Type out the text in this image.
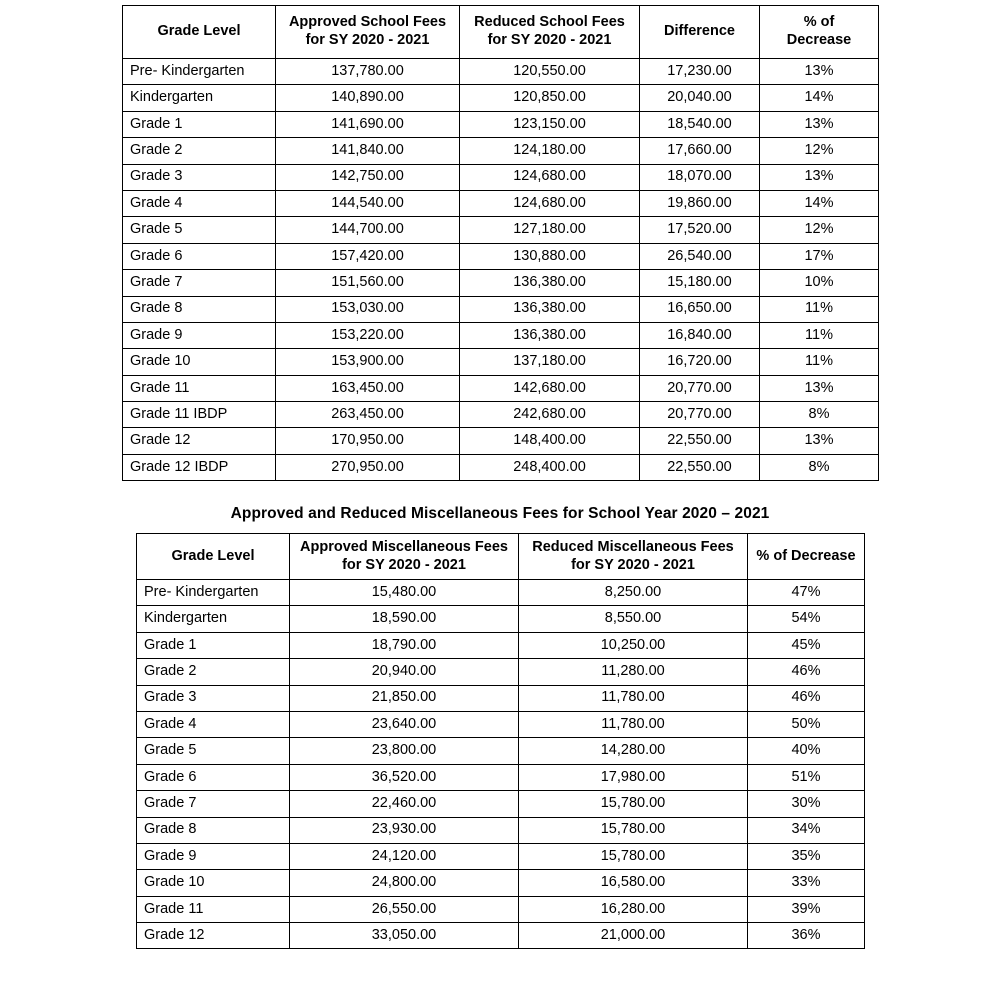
Grade Level	Approved School Fees
for SY 2020 - 2021	Reduced School Fees
for SY 2020 - 2021	Difference	% of
Decrease

Pre- Kindergarten	137,780.00	120,550.00	17,230.00	13%
Kindergarten	140,890.00	120,850.00	20,040.00	14%
Grade 1	141,690.00	123,150.00	18,540.00	13%
Grade 2	141,840.00	124,180.00	17,660.00	12%
Grade 3	142,750.00	124,680.00	18,070.00	13%
Grade 4	144,540.00	124,680.00	19,860.00	14%
Grade 5	144,700.00	127,180.00	17,520.00	12%
Grade 6	157,420.00	130,880.00	26,540.00	17%
Grade 7	151,560.00	136,380.00	15,180.00	10%
Grade 8	153,030.00	136,380.00	16,650.00	11%
Grade 9	153,220.00	136,380.00	16,840.00	11%
Grade 10	153,900.00	137,180.00	16,720.00	11%
Grade 11	163,450.00	142,680.00	20,770.00	13%
Grade 11 IBDP	263,450.00	242,680.00	20,770.00	8%
Grade 12	170,950.00	148,400.00	22,550.00	13%
Grade 12 IBDP	270,950.00	248,400.00	22,550.00	8%
Approved and Reduced Miscellaneous Fees for School Year 2020 – 2021
Grade Level	Approved Miscellaneous Fees
for SY 2020 - 2021	Reduced Miscellaneous Fees
for SY 2020 - 2021	% of Decrease

Pre- Kindergarten	15,480.00	8,250.00	47%
Kindergarten	18,590.00	8,550.00	54%
Grade 1	18,790.00	10,250.00	45%
Grade 2	20,940.00	11,280.00	46%
Grade 3	21,850.00	11,780.00	46%
Grade 4	23,640.00	11,780.00	50%
Grade 5	23,800.00	14,280.00	40%
Grade 6	36,520.00	17,980.00	51%
Grade 7	22,460.00	15,780.00	30%
Grade 8	23,930.00	15,780.00	34%
Grade 9	24,120.00	15,780.00	35%
Grade 10	24,800.00	16,580.00	33%
Grade 11	26,550.00	16,280.00	39%
Grade 12	33,050.00	21,000.00	36%
